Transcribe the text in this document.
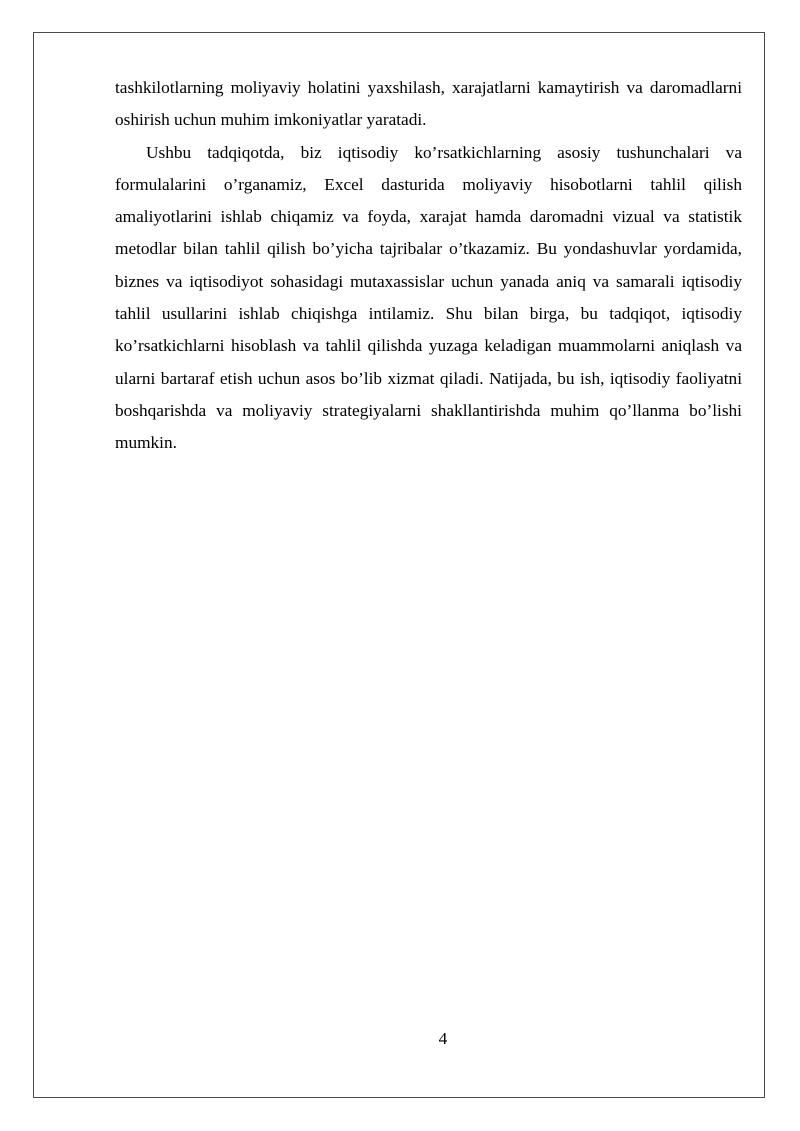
tashkilotlarning moliyaviy holatini yaxshilash, xarajatlarni kamaytirish va daromadlarni oshirish uchun muhim imkoniyatlar yaratadi.

Ushbu tadqiqotda, biz iqtisodiy ko’rsatkichlarning asosiy tushunchalari va formulalarini o’rganamiz, Excel dasturida moliyaviy hisobotlarni tahlil qilish amaliyotlarini ishlab chiqamiz va foyda, xarajat hamda daromadni vizual va statistik metodlar bilan tahlil qilish bo’yicha tajribalar o’tkazamiz. Bu yondashuvlar yordamida, biznes va iqtisodiyot sohasidagi mutaxassislar uchun yanada aniq va samarali iqtisodiy tahlil usullarini ishlab chiqishga intilamiz. Shu bilan birga, bu tadqiqot, iqtisodiy ko’rsatkichlarni hisoblash va tahlil qilishda yuzaga keladigan muammolarni aniqlash va ularni bartaraf etish uchun asos bo’lib xizmat qiladi. Natijada, bu ish, iqtisodiy faoliyatni boshqarishda va moliyaviy strategiyalarni shakllantirishda muhim qo’llanma bo’lishi mumkin.

4
